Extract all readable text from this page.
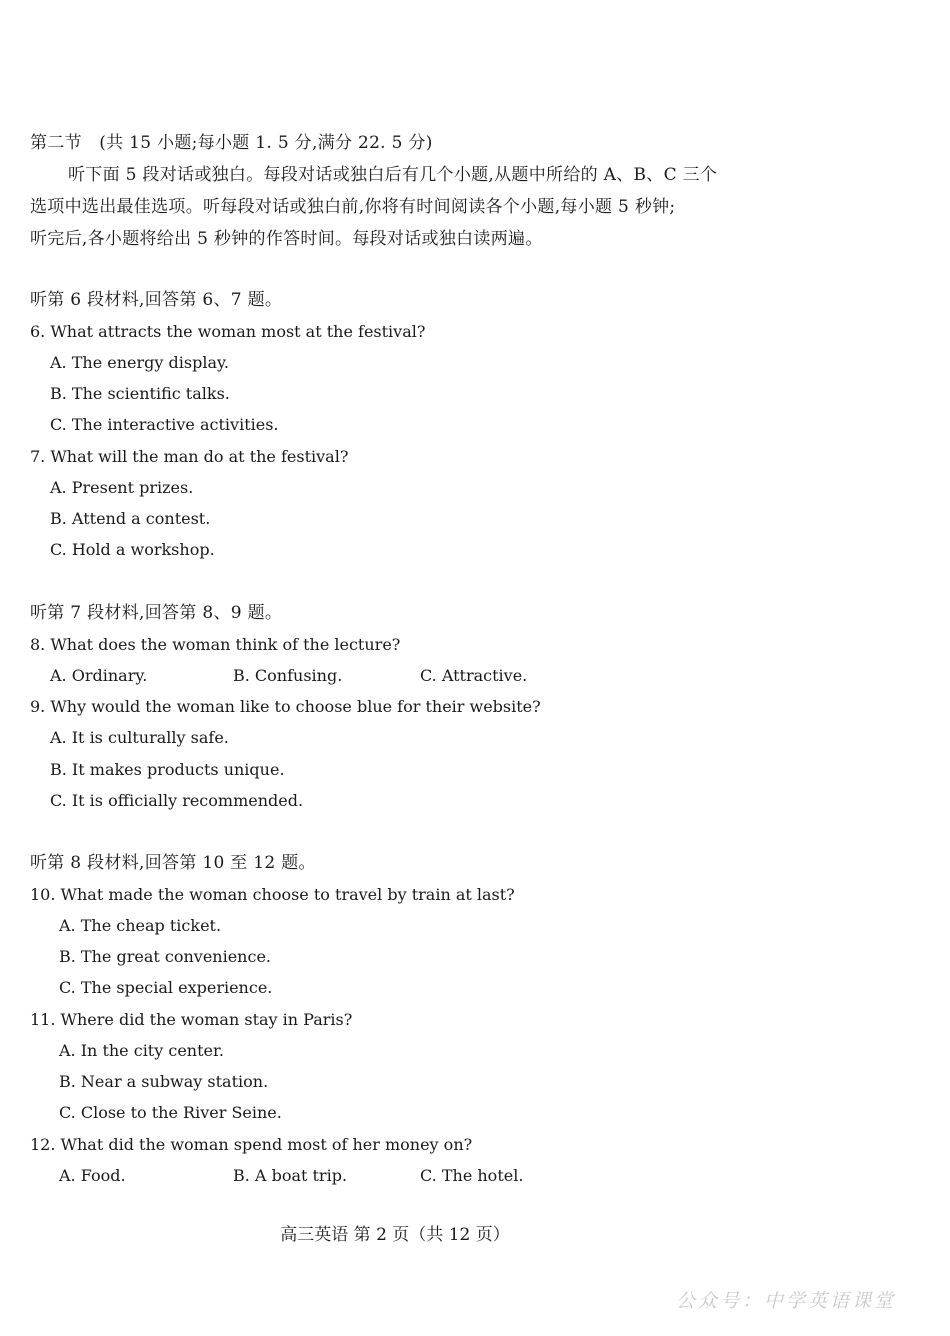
第二节　(共 15 小题;每小题 1. 5 分,满分 22. 5 分)
听下面 5 段对话或独白。每段对话或独白后有几个小题,从题中所给的 A、B、C 三个
选项中选出最佳选项。听每段对话或独白前,你将有时间阅读各个小题,每小题 5 秒钟;
听完后,各小题将给出 5 秒钟的作答时间。每段对话或独白读两遍。
听第 6 段材料,回答第 6、7 题。
6. What attracts the woman most at the festival?
A. The energy display.
B. The scientific talks.
C. The interactive activities.
7. What will the man do at the festival?
A. Present prizes.
B. Attend a contest.
C. Hold a workshop.
听第 7 段材料,回答第 8、9 题。
8. What does the woman think of the lecture?
A. Ordinary.	B. Confusing.	C. Attractive.
9. Why would the woman like to choose blue for their website?
A. It is culturally safe.
B. It makes products unique.
C. It is officially recommended.
听第 8 段材料,回答第 10 至 12 题。
10. What made the woman choose to travel by train at last?
A. The cheap ticket.
B. The great convenience.
C. The special experience.
11. Where did the woman stay in Paris?
A. In the city center.
B. Near a subway station.
C. Close to the River Seine.
12. What did the woman spend most of her money on?
A. Food.	B. A boat trip.	C. The hotel.
高三英语 第 2 页（共 12 页）
公众号：中学英语课堂
